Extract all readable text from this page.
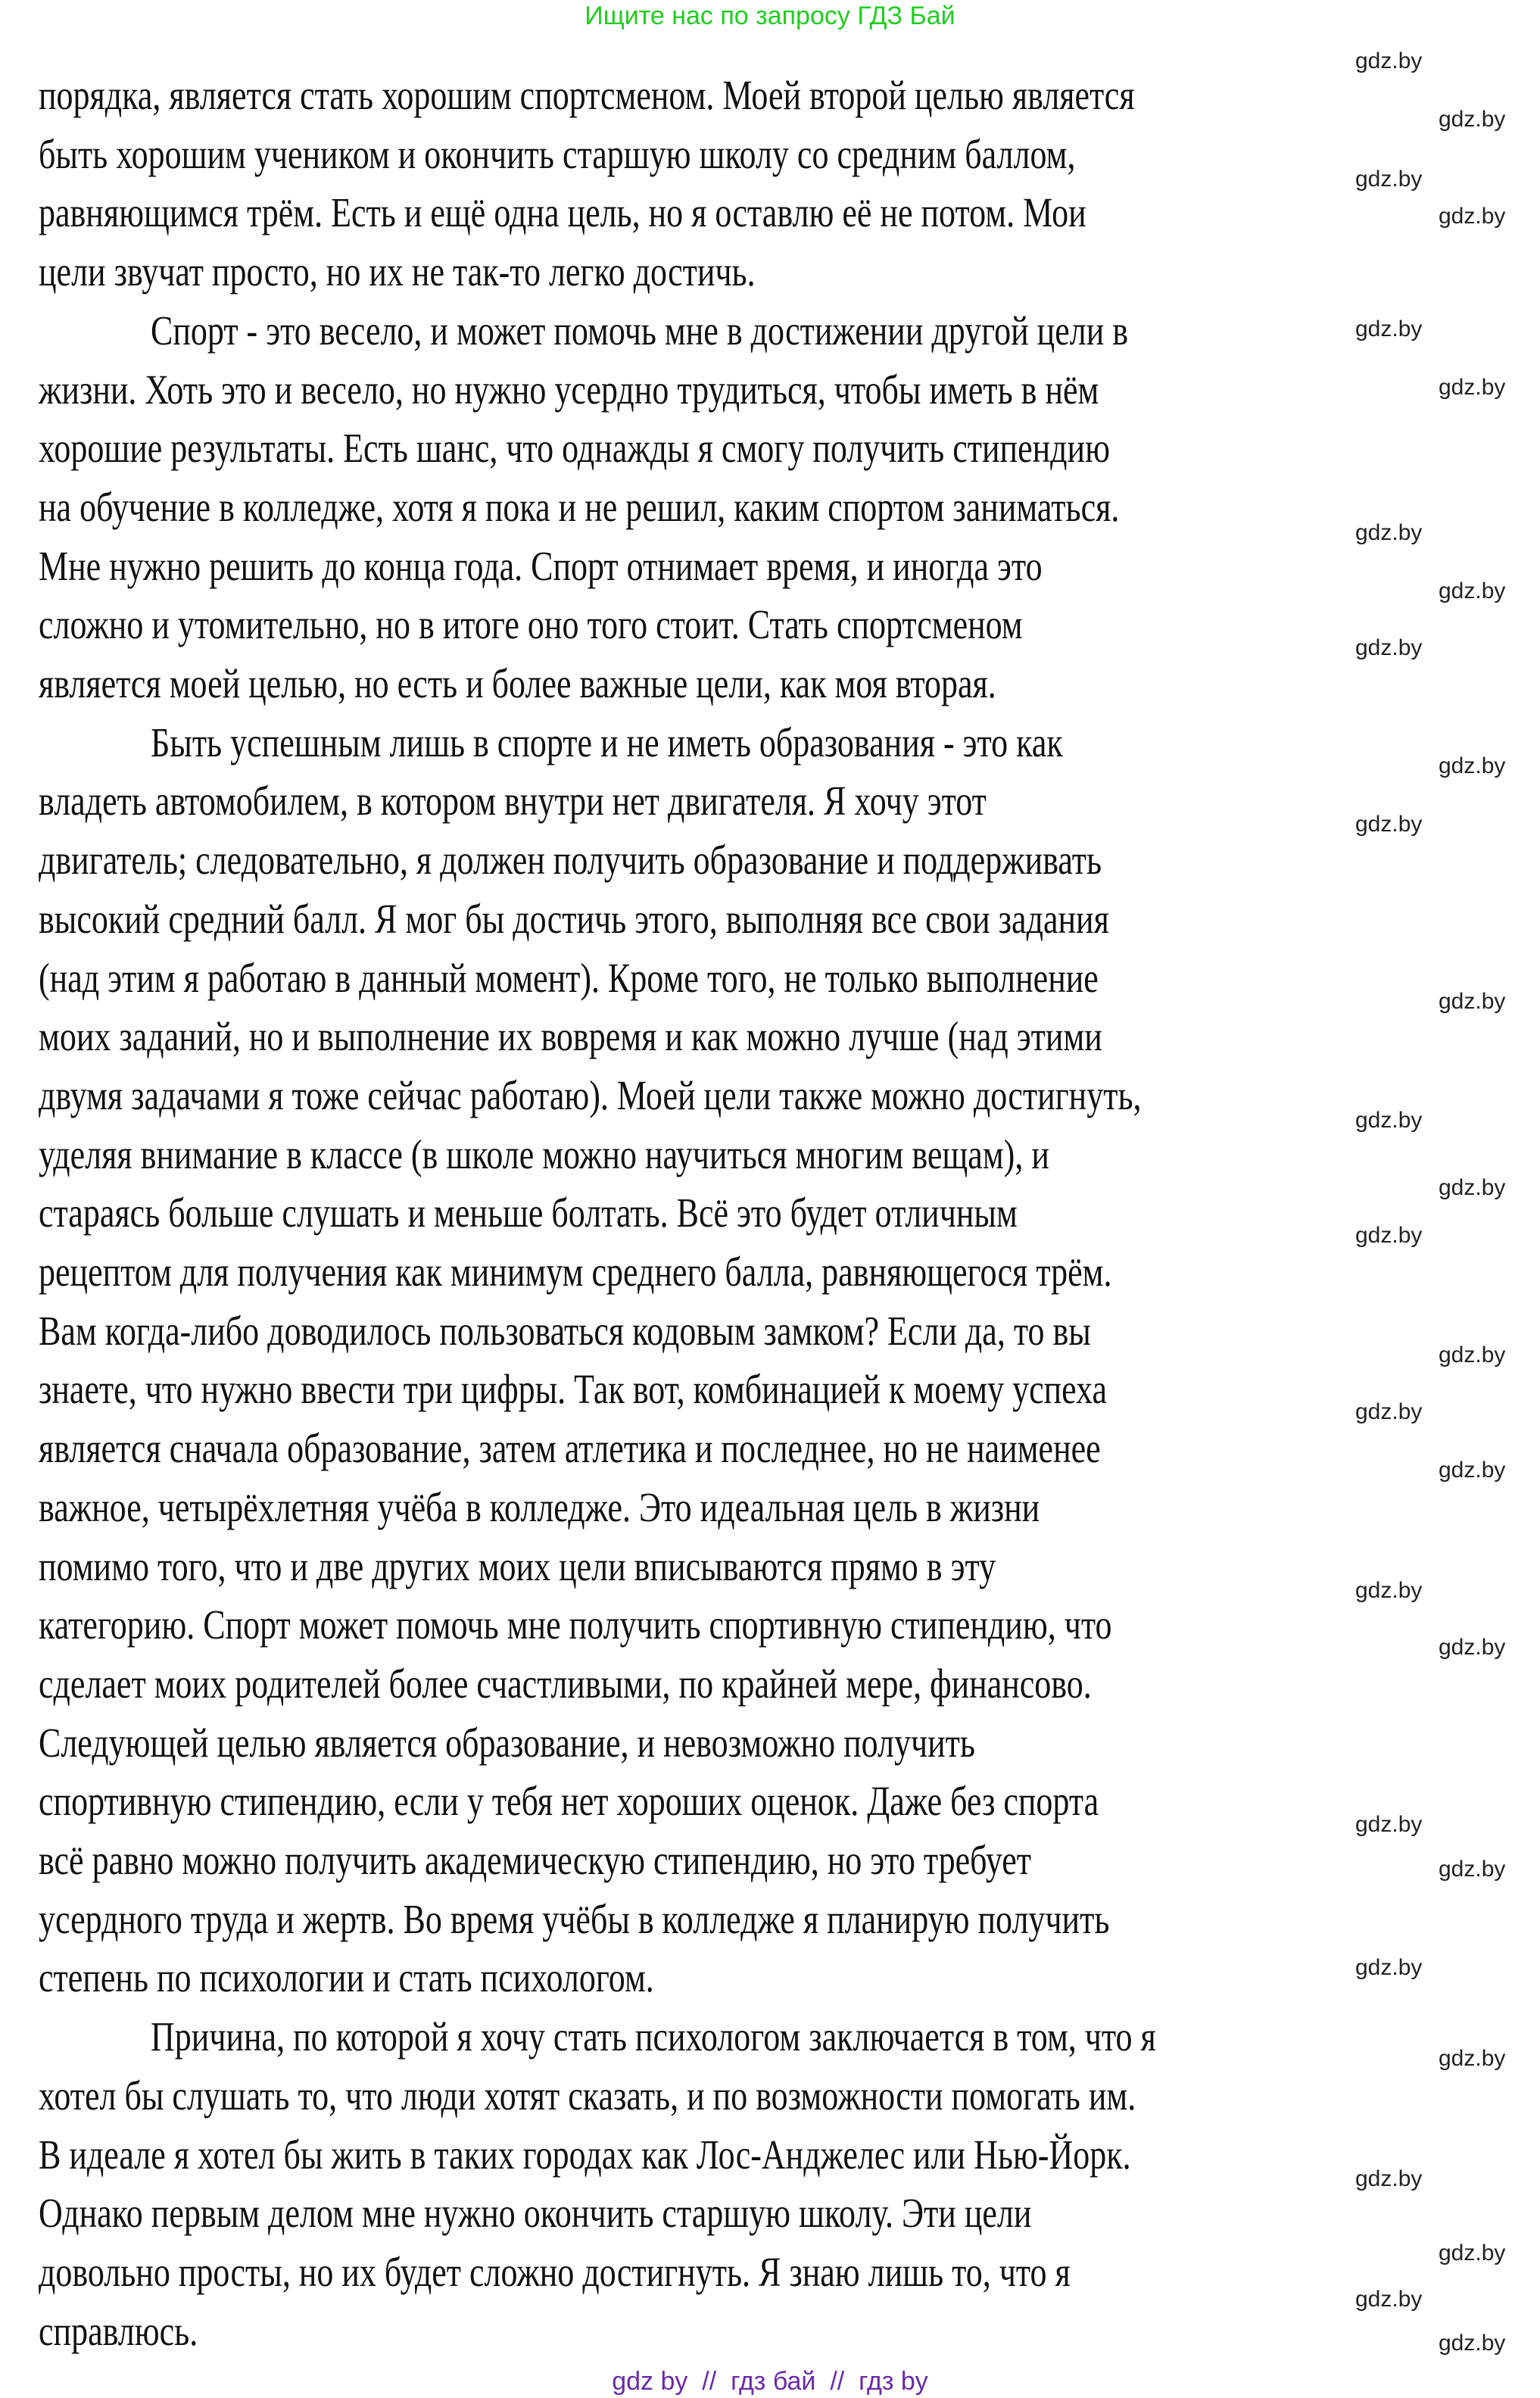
Ищите нас по запросу ГДЗ Бай
порядка, является стать хорошим спортсменом. Моей второй целью является
быть хорошим учеником и окончить старшую школу со средним баллом,
равняющимся трём. Есть и ещё одна цель, но я оставлю её не потом. Мои
цели звучат просто, но их не так-то легко достичь.
Спорт - это весело, и может помочь мне в достижении другой цели в
жизни. Хоть это и весело, но нужно усердно трудиться, чтобы иметь в нём
хорошие результаты. Есть шанс, что однажды я смогу получить стипендию
на обучение в колледже, хотя я пока и не решил, каким спортом заниматься.
Мне нужно решить до конца года. Спорт отнимает время, и иногда это
сложно и утомительно, но в итоге оно того стоит. Стать спортсменом
является моей целью, но есть и более важные цели, как моя вторая.
Быть успешным лишь в спорте и не иметь образования - это как
владеть автомобилем, в котором внутри нет двигателя. Я хочу этот
двигатель; следовательно, я должен получить образование и поддерживать
высокий средний балл. Я мог бы достичь этого, выполняя все свои задания
(над этим я работаю в данный момент). Кроме того, не только выполнение
моих заданий, но и выполнение их вовремя и как можно лучше (над этими
двумя задачами я тоже сейчас работаю). Моей цели также можно достигнуть,
уделяя внимание в классе (в школе можно научиться многим вещам), и
стараясь больше слушать и меньше болтать. Всё это будет отличным
рецептом для получения как минимум среднего балла, равняющегося трём.
Вам когда-либо доводилось пользоваться кодовым замком? Если да, то вы
знаете, что нужно ввести три цифры. Так вот, комбинацией к моему успеха
является сначала образование, затем атлетика и последнее, но не наименее
важное, четырёхлетняя учёба в колледже. Это идеальная цель в жизни
помимо того, что и две других моих цели вписываются прямо в эту
категорию. Спорт может помочь мне получить спортивную стипендию, что
сделает моих родителей более счастливыми, по крайней мере, финансово.
Следующей целью является образование, и невозможно получить
спортивную стипендию, если у тебя нет хороших оценок. Даже без спорта
всё равно можно получить академическую стипендию, но это требует
усердного труда и жертв. Во время учёбы в колледже я планирую получить
степень по психологии и стать психологом.
Причина, по которой я хочу стать психологом заключается в том, что я
хотел бы слушать то, что люди хотят сказать, и по возможности помогать им.
В идеале я хотел бы жить в таких городах как Лос-Анджелес или Нью-Йорк.
Однако первым делом мне нужно окончить старшую школу. Эти цели
довольно просты, но их будет сложно достигнуть. Я знаю лишь то, что я
справлюсь.
gdz.by
gdz.by
gdz.by
gdz.by
gdz.by
gdz.by
gdz.by
gdz.by
gdz.by
gdz.by
gdz.by
gdz.by
gdz.by
gdz.by
gdz.by
gdz.by
gdz.by
gdz.by
gdz.by
gdz.by
gdz.by
gdz.by
gdz.by
gdz.by
gdz.by
gdz.by
gdz.by
gdz.by
gdz by  //  гдз бай  //  гдз by
